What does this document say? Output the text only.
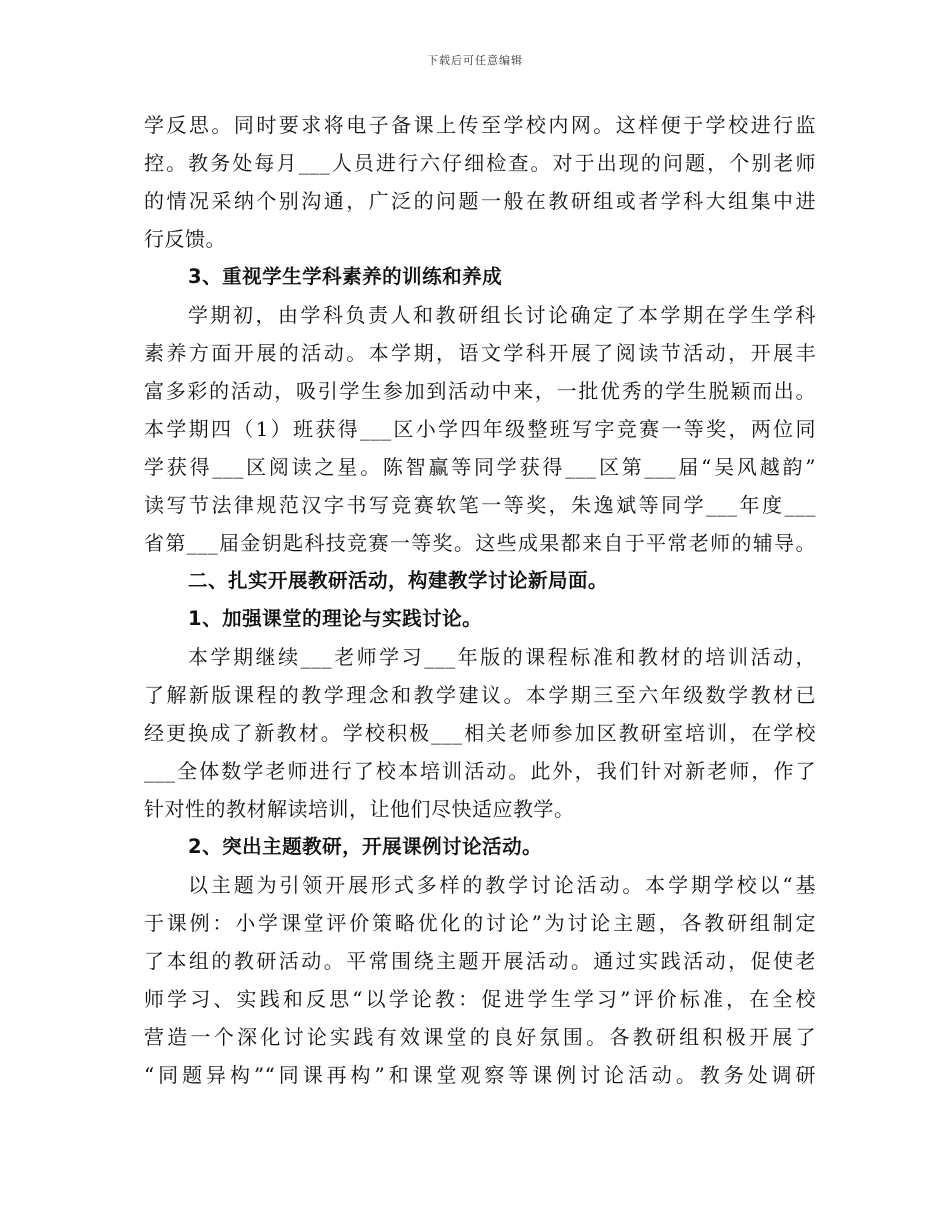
下载后可任意编辑
学反思。同时要求将电子备课上传至学校内网。这样便于学校进行监
控。教务处每月___人员进行六仔细检查。对于出现的问题，个别老师
的情况采纳个别沟通，广泛的问题一般在教研组或者学科大组集中进
行反馈。
3、重视学生学科素养的训练和养成
学期初，由学科负责人和教研组长讨论确定了本学期在学生学科
素养方面开展的活动。本学期，语文学科开展了阅读节活动，开展丰
富多彩的活动，吸引学生参加到活动中来，一批优秀的学生脱颖而出。
本学期四（1）班获得___区小学四年级整班写字竞赛一等奖，两位同
学获得___区阅读之星。陈智赢等同学获得___区第___届“吴风越韵”
读写节法律规范汉字书写竞赛软笔一等奖，朱逸斌等同学___年度___
省第___届金钥匙科技竞赛一等奖。这些成果都来自于平常老师的辅导。
二、扎实开展教研活动，构建教学讨论新局面。
1、加强课堂的理论与实践讨论。
本学期继续___老师学习___年版的课程标准和教材的培训活动，
了解新版课程的教学理念和教学建议。本学期三至六年级数学教材已
经更换成了新教材。学校积极___相关老师参加区教研室培训，在学校
___全体数学老师进行了校本培训活动。此外，我们针对新老师，作了
针对性的教材解读培训，让他们尽快适应教学。
2、突出主题教研，开展课例讨论活动。
以主题为引领开展形式多样的教学讨论活动。本学期学校以“基
于课例：小学课堂评价策略优化的讨论”为讨论主题，各教研组制定
了本组的教研活动。平常围绕主题开展活动。通过实践活动，促使老
师学习、实践和反思“以学论教：促进学生学习”评价标准，在全校
营造一个深化讨论实践有效课堂的良好氛围。各教研组积极开展了
“同题异构”“同课再构”和课堂观察等课例讨论活动。教务处调研
